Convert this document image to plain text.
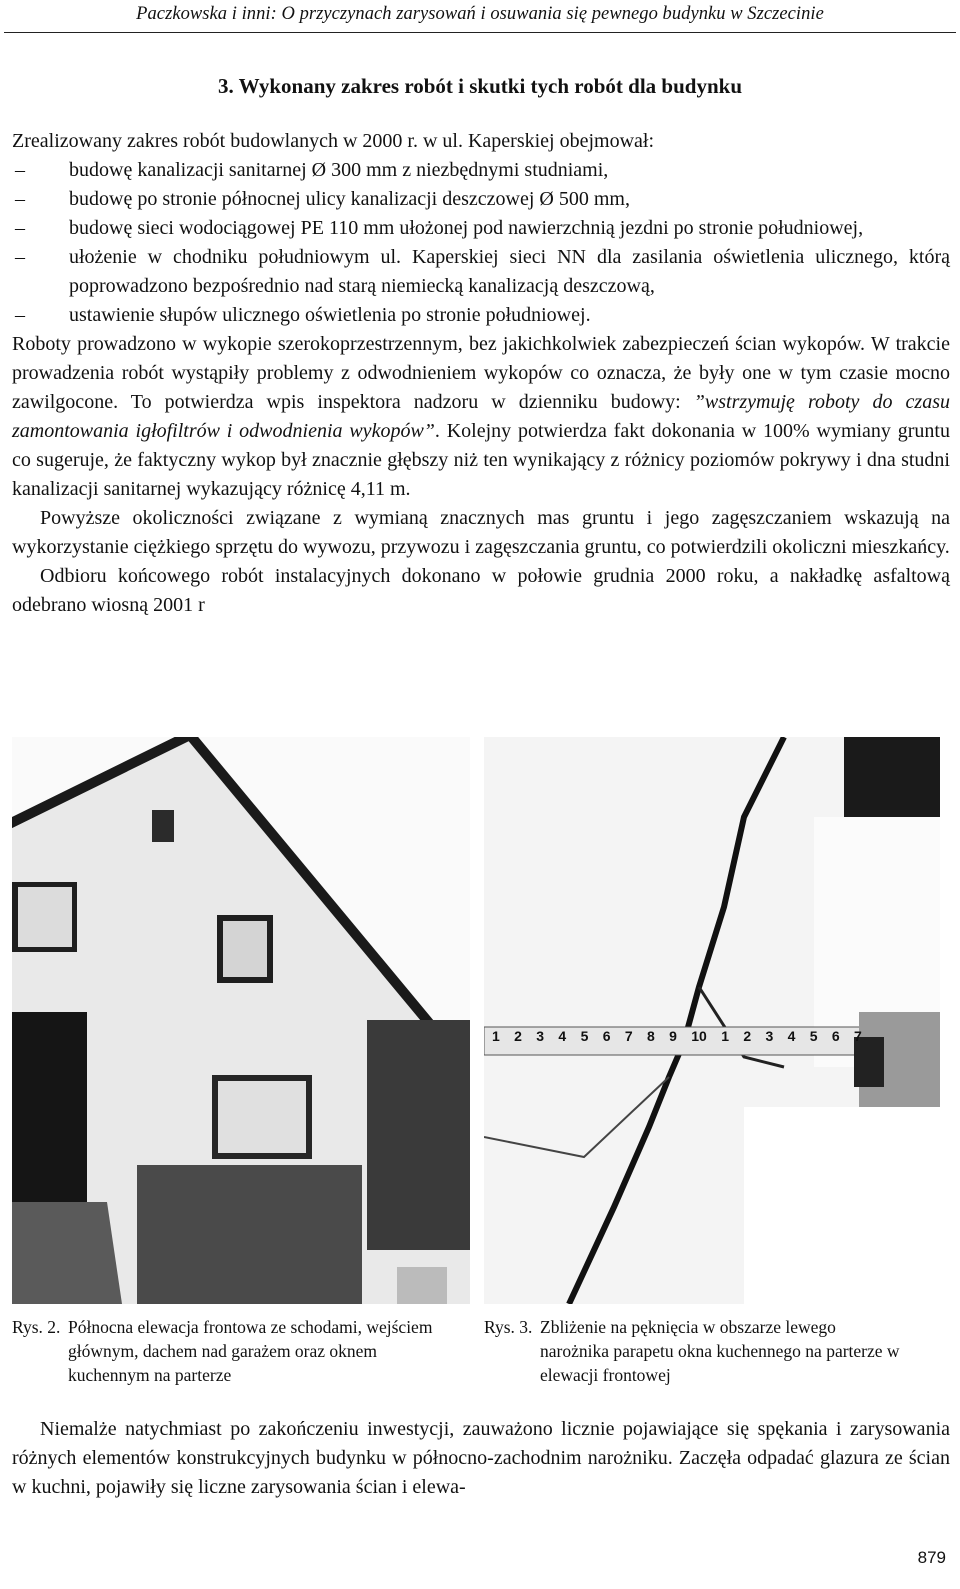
Paczkowska i inni: O przyczynach zarysowań i osuwania się pewnego budynku w Szczecinie
3. Wykonany zakres robót i skutki tych robót dla budynku

Zrealizowany zakres robót budowlanych w 2000 r. w ul. Kaperskiej obejmował:

– budowę kanalizacji sanitarnej Ø 300 mm z niezbędnymi studniami,
– budowę po stronie północnej ulicy kanalizacji deszczowej Ø 500 mm,
– budowę sieci wodociągowej PE 110 mm ułożonej pod nawierzchnią jezdni po stronie południowej,
– ułożenie w chodniku południowym ul. Kaperskiej sieci NN dla zasilania oświetlenia ulicznego, którą poprowadzono bezpośrednio nad starą niemiecką kanalizacją deszczową,
– ustawienie słupów ulicznego oświetlenia po stronie południowej.

Roboty prowadzono w wykopie szerokoprzestrzennym, bez jakichkolwiek zabezpieczeń ścian wykopów. W trakcie prowadzenia robót wystąpiły problemy z odwodnieniem wykopów co oznacza, że były one w tym czasie mocno zawilgocone. To potwierdza wpis inspektora nadzoru w dzienniku budowy: ”wstrzymuję roboty do czasu zamontowania igłofiltrów i odwodnienia wykopów”. Kolejny potwierdza fakt dokonania w 100% wymiany gruntu co sugeruje, że faktyczny wykop był znacznie głębszy niż ten wynikający z różnicy poziomów pokrywy i dna studni kanalizacji sanitarnej wykazujący różnicę 4,11 m.

Powyższe okoliczności związane z wymianą znacznych mas gruntu i jego zagęszczaniem wskazują na wykorzystanie ciężkiego sprzętu do wywozu, przywozu i zagęszczania gruntu, co potwierdzili okoliczni mieszkańcy.

Odbioru końcowego robót instalacyjnych dokonano w połowie grudnia 2000 roku, a nakładkę asfaltową odebrano wiosną 2001 r

1 2 3 4 5 6 7 8 9 10 1 2 3 4 5 6 7
Rys. 2. Północna elewacja frontowa ze schodami, wejściem głównym, dachem nad garażem oraz oknem kuchennym na parterze
Rys. 3. Zbliżenie na pęknięcia w obszarze lewego narożnika parapetu okna kuchennego na parterze w elewacji frontowej

Niemalże natychmiast po zakończeniu inwestycji, zauważono licznie pojawiające się spękania i zarysowania różnych elementów konstrukcyjnych budynku w północno-zachodnim narożniku. Zaczęła odpadać glazura ze ścian w kuchni, pojawiły się liczne zarysowania ścian i elewa-

879
